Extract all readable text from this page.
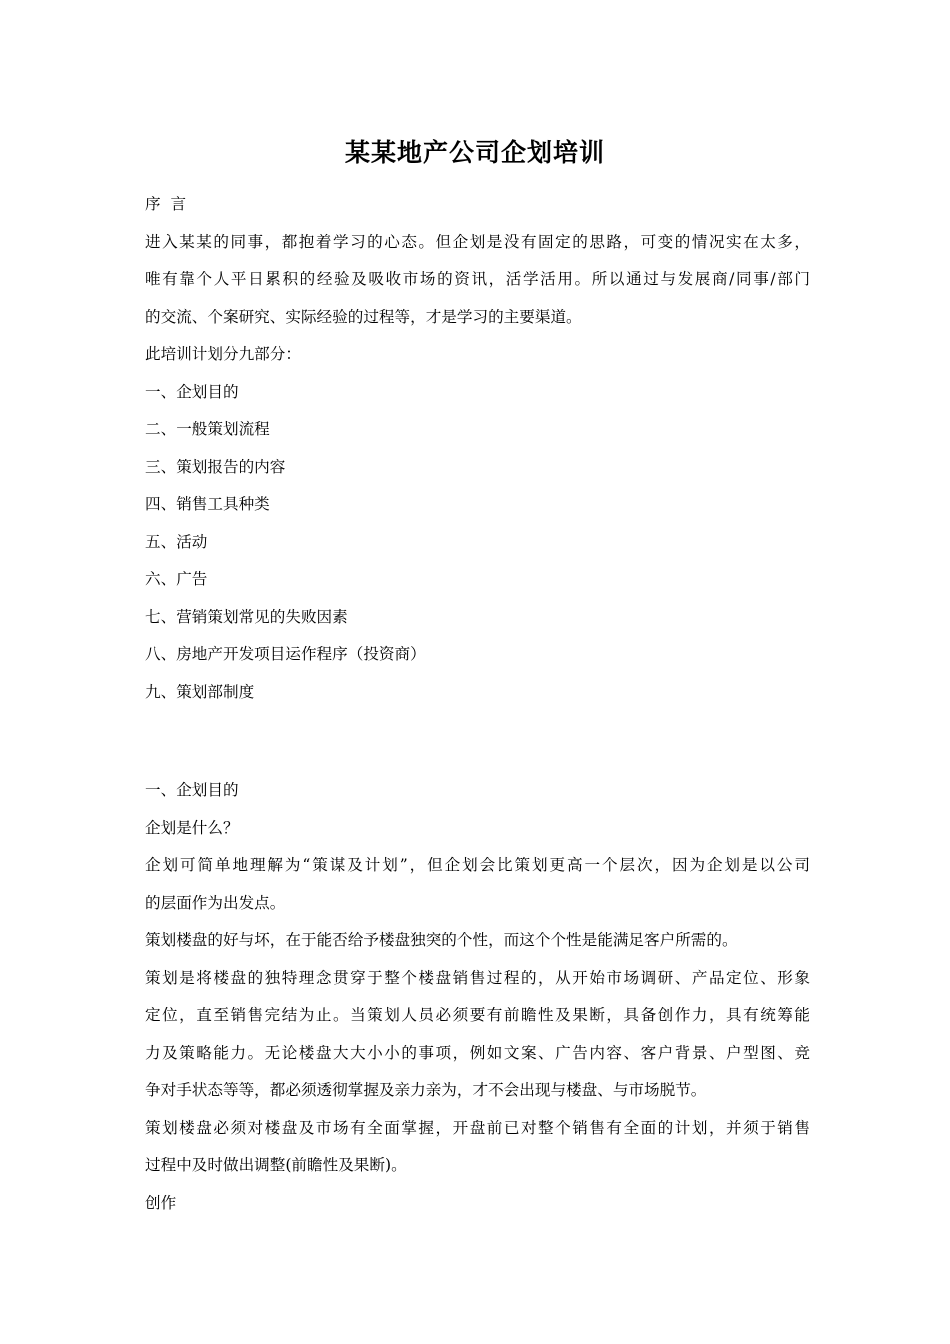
某某地产公司企划培训
序  言
进入某某的同事，都抱着学习的心态。但企划是没有固定的思路，可变的情况实在太多，
唯有靠个人平日累积的经验及吸收市场的资讯，活学活用。所以通过与发展商/同事/部门
的交流、个案研究、实际经验的过程等，才是学习的主要渠道。
此培训计划分九部分：
一、企划目的
二、一般策划流程
三、策划报告的内容
四、销售工具种类
五、活动
六、广告
七、营销策划常见的失败因素
八、房地产开发项目运作程序（投资商）
九、策划部制度
一、企划目的
企划是什么？
企划可简单地理解为“策谋及计划”，但企划会比策划更高一个层次，因为企划是以公司
的层面作为出发点。
策划楼盘的好与坏，在于能否给予楼盘独突的个性，而这个个性是能满足客户所需的。
策划是将楼盘的独特理念贯穿于整个楼盘销售过程的，从开始市场调研、产品定位、形象
定位，直至销售完结为止。当策划人员必须要有前瞻性及果断，具备创作力，具有统筹能
力及策略能力。无论楼盘大大小小的事项，例如文案、广告内容、客户背景、户型图、竞
争对手状态等等，都必须透彻掌握及亲力亲为，才不会出现与楼盘、与市场脱节。
策划楼盘必须对楼盘及市场有全面掌握，开盘前已对整个销售有全面的计划，并须于销售
过程中及时做出调整(前瞻性及果断)。
创作
